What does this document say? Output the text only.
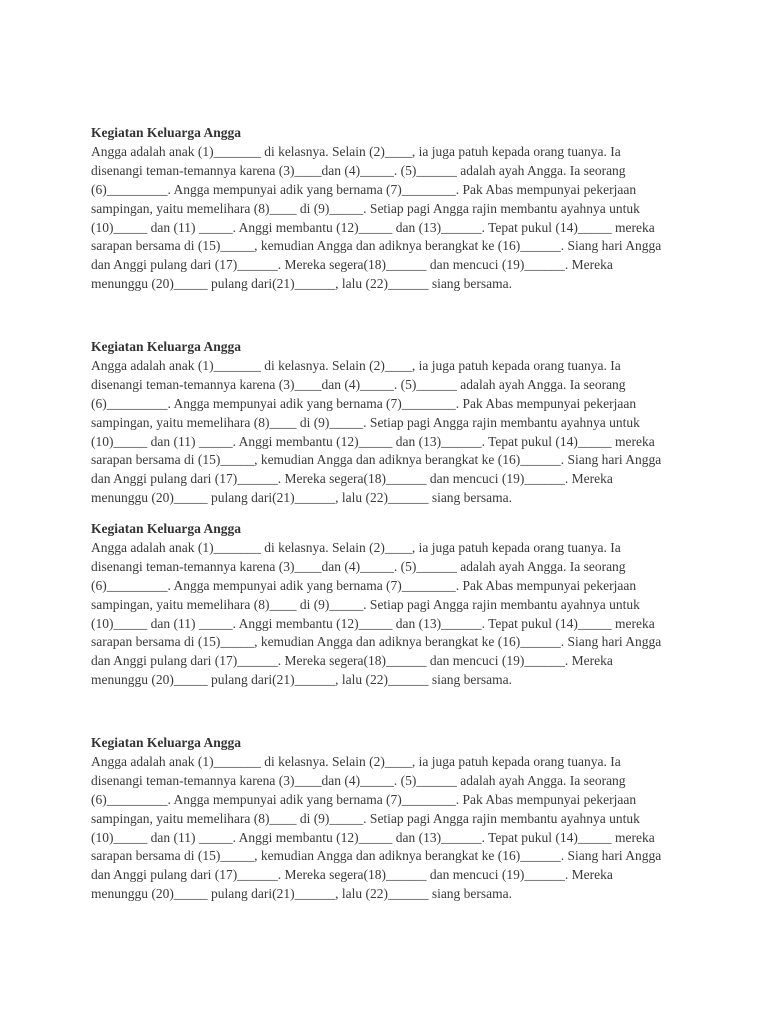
Kegiatan Keluarga Angga
Angga adalah anak (1)_______ di kelasnya. Selain (2)____, ia juga patuh kepada orang tuanya. Ia
disenangi teman-temannya karena (3)____dan (4)_____. (5)______ adalah ayah Angga. Ia seorang
(6)_________. Angga mempunyai adik yang bernama (7)________. Pak Abas mempunyai pekerjaan
sampingan, yaitu memelihara (8)____ di (9)_____. Setiap pagi Angga rajin membantu ayahnya untuk
(10)_____ dan (11) _____. Anggi membantu (12)_____ dan (13)______. Tepat pukul (14)_____ mereka
sarapan bersama di (15)_____, kemudian Angga dan adiknya berangkat ke (16)______. Siang hari Angga
dan Anggi pulang dari (17)______. Mereka segera(18)______ dan mencuci (19)______. Mereka
menunggu (20)_____ pulang dari(21)______, lalu (22)______ siang bersama.
Kegiatan Keluarga Angga
Angga adalah anak (1)_______ di kelasnya. Selain (2)____, ia juga patuh kepada orang tuanya. Ia
disenangi teman-temannya karena (3)____dan (4)_____. (5)______ adalah ayah Angga. Ia seorang
(6)_________. Angga mempunyai adik yang bernama (7)________. Pak Abas mempunyai pekerjaan
sampingan, yaitu memelihara (8)____ di (9)_____. Setiap pagi Angga rajin membantu ayahnya untuk
(10)_____ dan (11) _____. Anggi membantu (12)_____ dan (13)______. Tepat pukul (14)_____ mereka
sarapan bersama di (15)_____, kemudian Angga dan adiknya berangkat ke (16)______. Siang hari Angga
dan Anggi pulang dari (17)______. Mereka segera(18)______ dan mencuci (19)______. Mereka
menunggu (20)_____ pulang dari(21)______, lalu (22)______ siang bersama.
Kegiatan Keluarga Angga
Angga adalah anak (1)_______ di kelasnya. Selain (2)____, ia juga patuh kepada orang tuanya. Ia
disenangi teman-temannya karena (3)____dan (4)_____. (5)______ adalah ayah Angga. Ia seorang
(6)_________. Angga mempunyai adik yang bernama (7)________. Pak Abas mempunyai pekerjaan
sampingan, yaitu memelihara (8)____ di (9)_____. Setiap pagi Angga rajin membantu ayahnya untuk
(10)_____ dan (11) _____. Anggi membantu (12)_____ dan (13)______. Tepat pukul (14)_____ mereka
sarapan bersama di (15)_____, kemudian Angga dan adiknya berangkat ke (16)______. Siang hari Angga
dan Anggi pulang dari (17)______. Mereka segera(18)______ dan mencuci (19)______. Mereka
menunggu (20)_____ pulang dari(21)______, lalu (22)______ siang bersama.
Kegiatan Keluarga Angga
Angga adalah anak (1)_______ di kelasnya. Selain (2)____, ia juga patuh kepada orang tuanya. Ia
disenangi teman-temannya karena (3)____dan (4)_____. (5)______ adalah ayah Angga. Ia seorang
(6)_________. Angga mempunyai adik yang bernama (7)________. Pak Abas mempunyai pekerjaan
sampingan, yaitu memelihara (8)____ di (9)_____. Setiap pagi Angga rajin membantu ayahnya untuk
(10)_____ dan (11) _____. Anggi membantu (12)_____ dan (13)______. Tepat pukul (14)_____ mereka
sarapan bersama di (15)_____, kemudian Angga dan adiknya berangkat ke (16)______. Siang hari Angga
dan Anggi pulang dari (17)______. Mereka segera(18)______ dan mencuci (19)______. Mereka
menunggu (20)_____ pulang dari(21)______, lalu (22)______ siang bersama.
